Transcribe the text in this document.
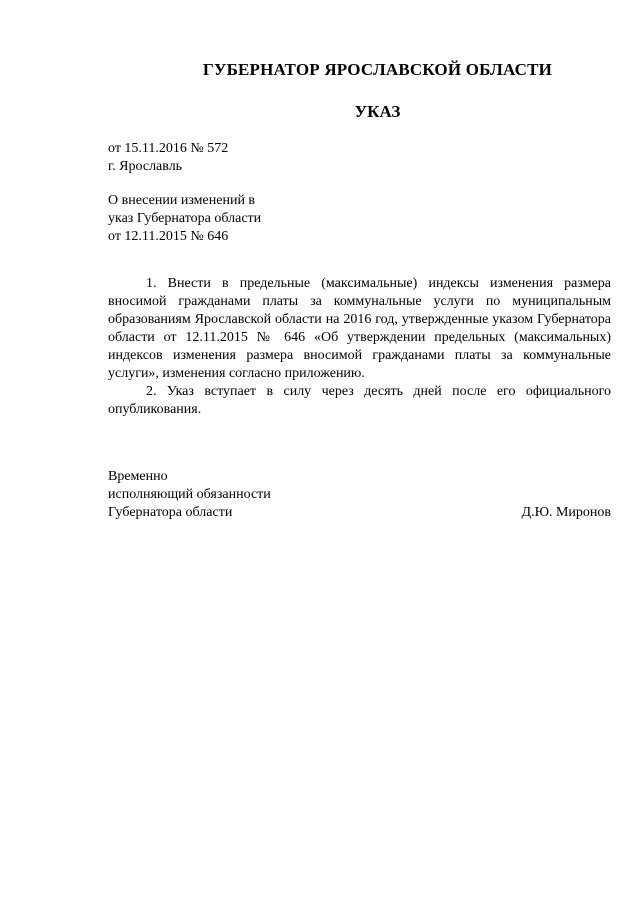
ГУБЕРНАТОР ЯРОСЛАВСКОЙ ОБЛАСТИ
УКАЗ
от 15.11.2016 № 572
г. Ярославль
О внесении изменений в
указ Губернатора области
от 12.11.2015 № 646

1. Внести в предельные (максимальные) индексы изменения размера вносимой гражданами платы за коммунальные услуги по муниципальным образованиям Ярославской области на 2016 год, утвержденные указом Губернатора области от 12.11.2015 № 646 «Об утверждении предельных (максимальных) индексов изменения размера вносимой гражданами платы за коммунальные услуги», изменения согласно приложению.

2. Указ вступает в силу через десять дней после его официального опубликования.

Временно
исполняющий обязанности
Губернатора области	Д.Ю. Миронов
